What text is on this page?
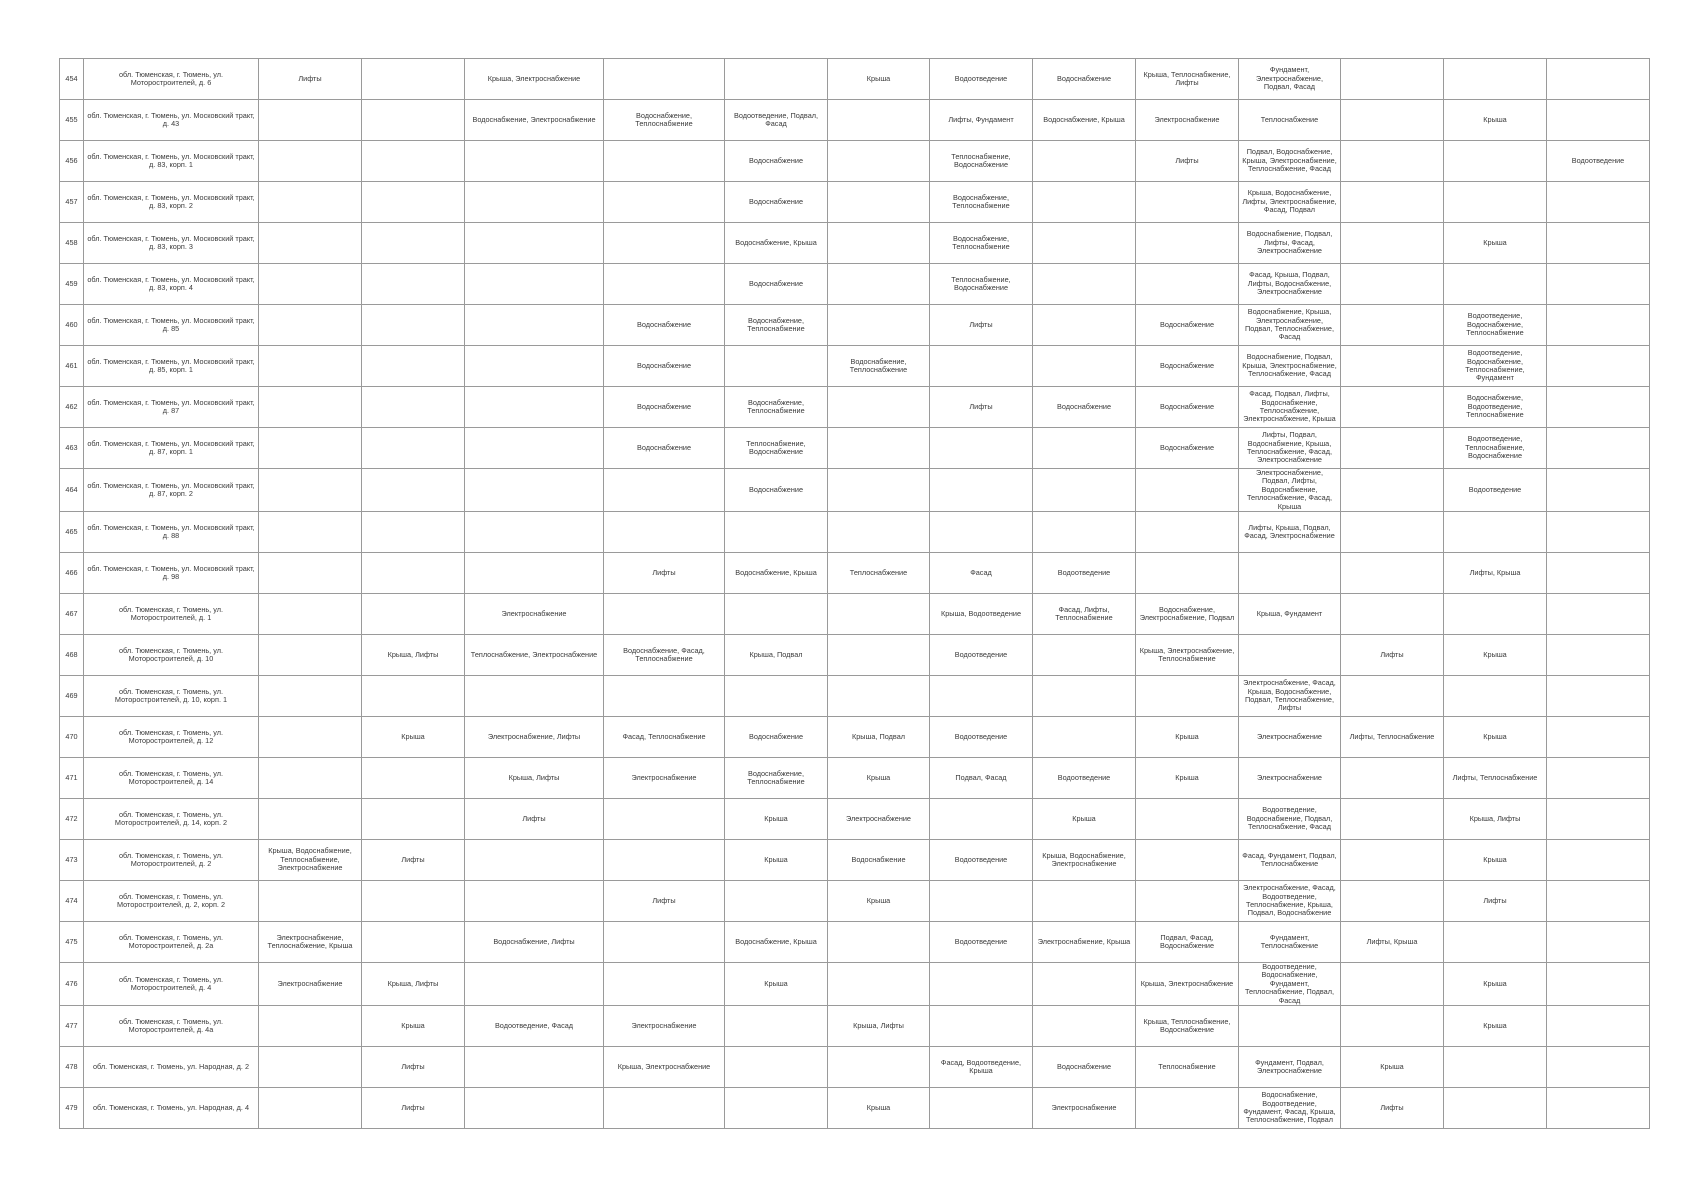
454	обл. Тюменская, г. Тюмень, ул. Моторостроителей, д. 6	Лифты		Крыша, Электроснабжение			Крыша	Водоотведение	Водоснабжение	Крыша, Теплоснабжение, Лифты	Фундамент, Электроснабжение, Подвал, Фасад			
455	обл. Тюменская, г. Тюмень, ул. Московский тракт, д. 43			Водоснабжение, Электроснабжение	Водоснабжение, Теплоснабжение	Водоотведение, Подвал, Фасад		Лифты, Фундамент	Водоснабжение, Крыша	Электроснабжение	Теплоснабжение		Крыша	
456	обл. Тюменская, г. Тюмень, ул. Московский тракт, д. 83, корп. 1					Водоснабжение		Теплоснабжение, Водоснабжение		Лифты	Подвал, Водоснабжение, Крыша, Электроснабжение, Теплоснабжение, Фасад			Водоотведение
457	обл. Тюменская, г. Тюмень, ул. Московский тракт, д. 83, корп. 2					Водоснабжение		Водоснабжение, Теплоснабжение			Крыша, Водоснабжение, Лифты, Электроснабжение, Фасад, Подвал			
458	обл. Тюменская, г. Тюмень, ул. Московский тракт, д. 83, корп. 3					Водоснабжение, Крыша		Водоснабжение, Теплоснабжение			Водоснабжение, Подвал, Лифты, Фасад, Электроснабжение		Крыша	
459	обл. Тюменская, г. Тюмень, ул. Московский тракт, д. 83, корп. 4					Водоснабжение		Теплоснабжение, Водоснабжение			Фасад, Крыша, Подвал, Лифты, Водоснабжение, Электроснабжение			
460	обл. Тюменская, г. Тюмень, ул. Московский тракт, д. 85				Водоснабжение	Водоснабжение, Теплоснабжение		Лифты		Водоснабжение	Водоснабжение, Крыша, Электроснабжение, Подвал, Теплоснабжение, Фасад		Водоотведение, Водоснабжение, Теплоснабжение	
461	обл. Тюменская, г. Тюмень, ул. Московский тракт, д. 85, корп. 1				Водоснабжение		Водоснабжение, Теплоснабжение			Водоснабжение	Водоснабжение, Подвал, Крыша, Электроснабжение, Теплоснабжение, Фасад		Водоотведение, Водоснабжение, Теплоснабжение, Фундамент	
462	обл. Тюменская, г. Тюмень, ул. Московский тракт, д. 87				Водоснабжение	Водоснабжение, Теплоснабжение		Лифты	Водоснабжение	Водоснабжение	Фасад, Подвал, Лифты, Водоснабжение, Теплоснабжение, Электроснабжение, Крыша		Водоснабжение, Водоотведение, Теплоснабжение	
463	обл. Тюменская, г. Тюмень, ул. Московский тракт, д. 87, корп. 1				Водоснабжение	Теплоснабжение, Водоснабжение				Водоснабжение	Лифты, Подвал, Водоснабжение, Крыша, Теплоснабжение, Фасад, Электроснабжение		Водоотведение, Теплоснабжение, Водоснабжение	
464	обл. Тюменская, г. Тюмень, ул. Московский тракт, д. 87, корп. 2					Водоснабжение					Электроснабжение, Подвал, Лифты, Водоснабжение, Теплоснабжение, Фасад, Крыша		Водоотведение	
465	обл. Тюменская, г. Тюмень, ул. Московский тракт, д. 88										Лифты, Крыша, Подвал, Фасад, Электроснабжение			
466	обл. Тюменская, г. Тюмень, ул. Московский тракт, д. 98				Лифты	Водоснабжение, Крыша	Теплоснабжение	Фасад	Водоотведение				Лифты, Крыша	
467	обл. Тюменская, г. Тюмень, ул. Моторостроителей, д. 1			Электроснабжение				Крыша, Водоотведение	Фасад, Лифты, Теплоснабжение	Водоснабжение, Электроснабжение, Подвал	Крыша, Фундамент			
468	обл. Тюменская, г. Тюмень, ул. Моторостроителей, д. 10		Крыша, Лифты	Теплоснабжение, Электроснабжение	Водоснабжение, Фасад, Теплоснабжение	Крыша, Подвал		Водоотведение		Крыша, Электроснабжение, Теплоснабжение		Лифты	Крыша	
469	обл. Тюменская, г. Тюмень, ул. Моторостроителей, д. 10, корп. 1										Электроснабжение, Фасад, Крыша, Водоснабжение, Подвал, Теплоснабжение, Лифты			
470	обл. Тюменская, г. Тюмень, ул. Моторостроителей, д. 12		Крыша	Электроснабжение, Лифты	Фасад, Теплоснабжение	Водоснабжение	Крыша, Подвал	Водоотведение		Крыша	Электроснабжение	Лифты, Теплоснабжение	Крыша	
471	обл. Тюменская, г. Тюмень, ул. Моторостроителей, д. 14			Крыша, Лифты	Электроснабжение	Водоснабжение, Теплоснабжение	Крыша	Подвал, Фасад	Водоотведение	Крыша	Электроснабжение		Лифты, Теплоснабжение	
472	обл. Тюменская, г. Тюмень, ул. Моторостроителей, д. 14, корп. 2			Лифты		Крыша	Электроснабжение		Крыша		Водоотведение, Водоснабжение, Подвал, Теплоснабжение, Фасад		Крыша, Лифты	
473	обл. Тюменская, г. Тюмень, ул. Моторостроителей, д. 2	Крыша, Водоснабжение, Теплоснабжение, Электроснабжение	Лифты			Крыша	Водоснабжение	Водоотведение	Крыша, Водоснабжение, Электроснабжение		Фасад, Фундамент, Подвал, Теплоснабжение		Крыша	
474	обл. Тюменская, г. Тюмень, ул. Моторостроителей, д. 2, корп. 2				Лифты		Крыша				Электроснабжение, Фасад, Водоотведение, Теплоснабжение, Крыша, Подвал, Водоснабжение		Лифты	
475	обл. Тюменская, г. Тюмень, ул. Моторостроителей, д. 2а	Электроснабжение, Теплоснабжение, Крыша		Водоснабжение, Лифты		Водоснабжение, Крыша		Водоотведение	Электроснабжение, Крыша	Подвал, Фасад, Водоснабжение	Фундамент, Теплоснабжение	Лифты, Крыша		
476	обл. Тюменская, г. Тюмень, ул. Моторостроителей, д. 4	Электроснабжение	Крыша, Лифты			Крыша				Крыша, Электроснабжение	Водоотведение, Водоснабжение, Фундамент, Теплоснабжение, Подвал, Фасад		Крыша	
477	обл. Тюменская, г. Тюмень, ул. Моторостроителей, д. 4а		Крыша	Водоотведение, Фасад	Электроснабжение		Крыша, Лифты			Крыша, Теплоснабжение, Водоснабжение			Крыша	
478	обл. Тюменская, г. Тюмень, ул. Народная, д. 2		Лифты		Крыша, Электроснабжение			Фасад, Водоотведение, Крыша	Водоснабжение	Теплоснабжение	Фундамент, Подвал, Электроснабжение	Крыша		
479	обл. Тюменская, г. Тюмень, ул. Народная, д. 4		Лифты				Крыша		Электроснабжение		Водоснабжение, Водоотведение, Фундамент, Фасад, Крыша, Теплоснабжение, Подвал	Лифты		
